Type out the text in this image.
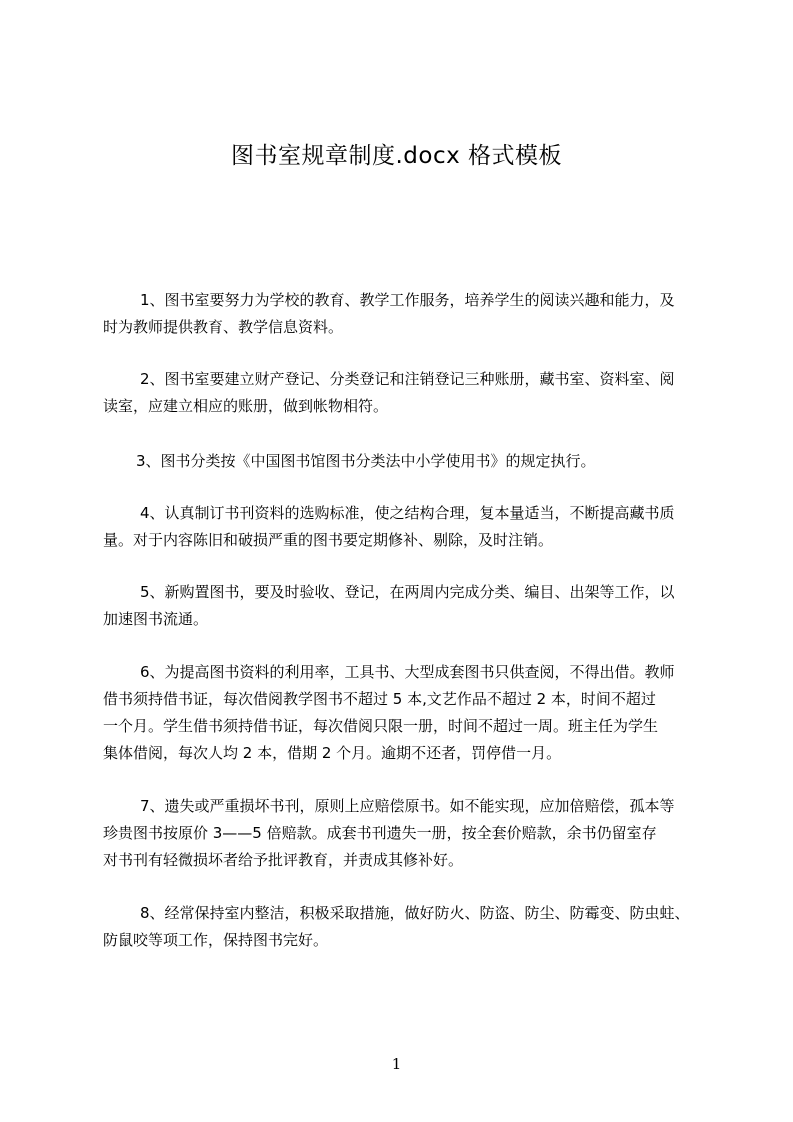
图书室规章制度.docx 格式模板

1、图书室要努力为学校的教育、教学工作服务，培养学生的阅读兴趣和能力，及
时为教师提供教育、教学信息资料。

2、图书室要建立财产登记、分类登记和注销登记三种账册，藏书室、资料室、阅
读室，应建立相应的账册，做到帐物相符。

3、图书分类按《中国图书馆图书分类法中小学使用书》的规定执行。

4、认真制订书刊资料的选购标准，使之结构合理，复本量适当，不断提高藏书质
量。对于内容陈旧和破损严重的图书要定期修补、剔除，及时注销。

5、新购置图书，要及时验收、登记，在两周内完成分类、编目、出架等工作，以
加速图书流通。

6、为提高图书资料的利用率，工具书、大型成套图书只供查阅，不得出借。教师
借书须持借书证，每次借阅教学图书不超过 5 本,文艺作品不超过 2 本，时间不超过
一个月。学生借书须持借书证，每次借阅只限一册，时间不超过一周。班主任为学生
集体借阅，每次人均 2 本，借期 2 个月。逾期不还者，罚停借一月。

7、遗失或严重损坏书刊，原则上应赔偿原书。如不能实现，应加倍赔偿，孤本等
珍贵图书按原价 3——5 倍赔款。成套书刊遗失一册，按全套价赔款，余书仍留室存﻿
对书刊有轻微损坏者给予批评教育，并责成其修补好。

8、经常保持室内整洁，积极采取措施，做好防火、防盗、防尘、防霉变、防虫蛀、
防鼠咬等项工作，保持图书完好。

1
